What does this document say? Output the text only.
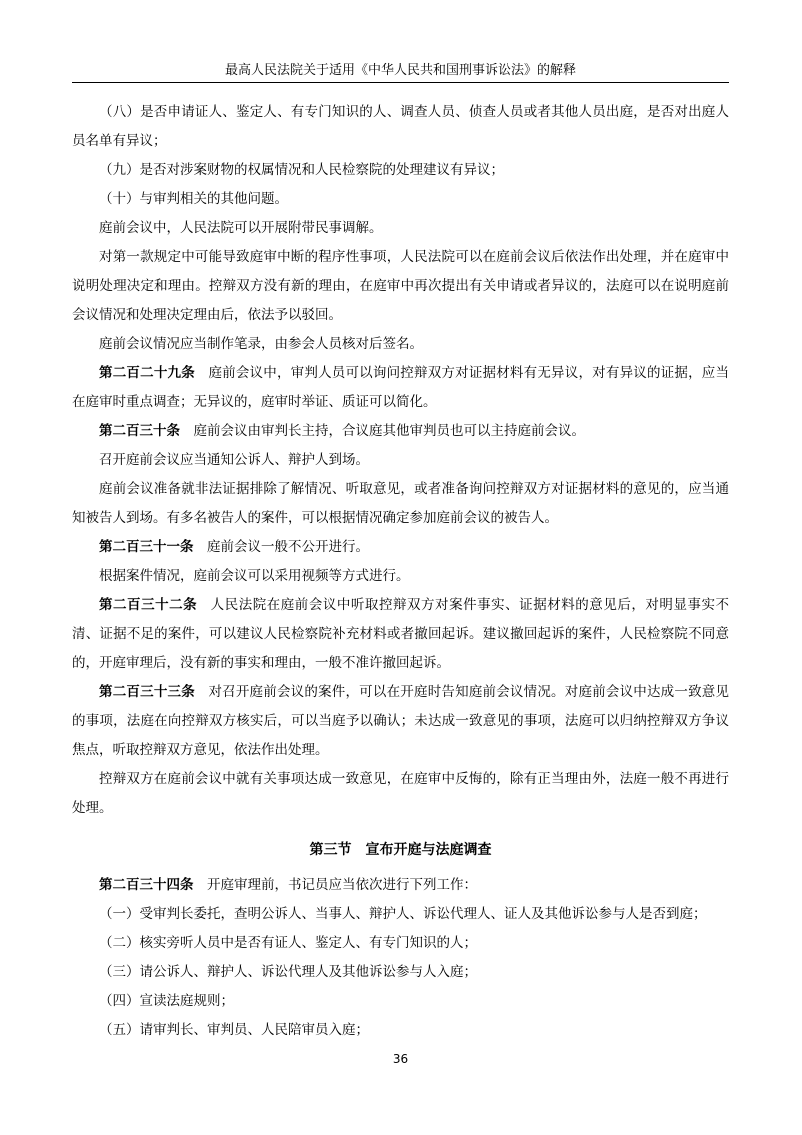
最高人民法院关于适用《中华人民共和国刑事诉讼法》的解释

（八）是否申请证人、鉴定人、有专门知识的人、调查人员、侦查人员或者其他人员出庭，是否对出庭人员名单有异议；

（九）是否对涉案财物的权属情况和人民检察院的处理建议有异议；

（十）与审判相关的其他问题。

庭前会议中，人民法院可以开展附带民事调解。

对第一款规定中可能导致庭审中断的程序性事项，人民法院可以在庭前会议后依法作出处理，并在庭审中说明处理决定和理由。控辩双方没有新的理由，在庭审中再次提出有关申请或者异议的，法庭可以在说明庭前会议情况和处理决定理由后，依法予以驳回。

庭前会议情况应当制作笔录，由参会人员核对后签名。

第二百二十九条 庭前会议中，审判人员可以询问控辩双方对证据材料有无异议，对有异议的证据，应当在庭审时重点调查；无异议的，庭审时举证、质证可以简化。

第二百三十条 庭前会议由审判长主持，合议庭其他审判员也可以主持庭前会议。

召开庭前会议应当通知公诉人、辩护人到场。

庭前会议准备就非法证据排除了解情况、听取意见，或者准备询问控辩双方对证据材料的意见的，应当通知被告人到场。有多名被告人的案件，可以根据情况确定参加庭前会议的被告人。

第二百三十一条 庭前会议一般不公开进行。

根据案件情况，庭前会议可以采用视频等方式进行。

第二百三十二条 人民法院在庭前会议中听取控辩双方对案件事实、证据材料的意见后，对明显事实不清、证据不足的案件，可以建议人民检察院补充材料或者撤回起诉。建议撤回起诉的案件，人民检察院不同意的，开庭审理后，没有新的事实和理由，一般不准许撤回起诉。

第二百三十三条 对召开庭前会议的案件，可以在开庭时告知庭前会议情况。对庭前会议中达成一致意见的事项，法庭在向控辩双方核实后，可以当庭予以确认；未达成一致意见的事项，法庭可以归纳控辩双方争议焦点，听取控辩双方意见，依法作出处理。

控辩双方在庭前会议中就有关事项达成一致意见，在庭审中反悔的，除有正当理由外，法庭一般不再进行处理。

第三节 宣布开庭与法庭调查

第二百三十四条 开庭审理前，书记员应当依次进行下列工作：

（一）受审判长委托，查明公诉人、当事人、辩护人、诉讼代理人、证人及其他诉讼参与人是否到庭；

（二）核实旁听人员中是否有证人、鉴定人、有专门知识的人；

（三）请公诉人、辩护人、诉讼代理人及其他诉讼参与人入庭；

（四）宣读法庭规则；

（五）请审判长、审判员、人民陪审员入庭；

36
